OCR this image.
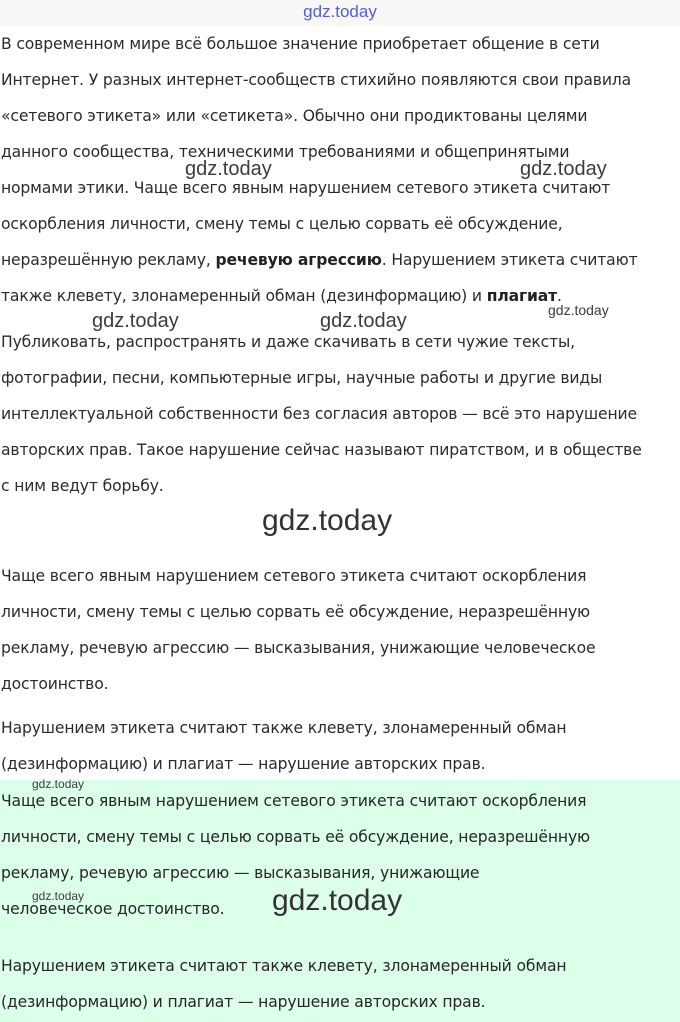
gdz.today

В современном мире всё большое значение приобретает общение в сети
Интернет. У разных интернет-сообществ стихийно появляются свои правила
«сетевого этикета» или «сетикета». Обычно они продиктованы целями
данного сообщества, техническими требованиями и общепринятыми
нормами этики. Чаще всего явным нарушением сетевого этикета считают
оскорбления личности, смену темы с целью сорвать её обсуждение,
неразрешённую рекламу, речевую агрессию. Нарушением этикета считают
также клевету, злонамеренный обман (дезинформацию) и плагиат.

Публиковать, распространять и даже скачивать в сети чужие тексты,
фотографии, песни, компьютерные игры, научные работы и другие виды
интеллектуальной собственности без согласия авторов — всё это нарушение
авторских прав. Такое нарушение сейчас называют пиратством, и в обществе
с ним ведут борьбу.

Чаще всего явным нарушением сетевого этикета считают оскорбления
личности, смену темы с целью сорвать её обсуждение, неразрешённую
рекламу, речевую агрессию — высказывания, унижающие человеческое
достоинство.

Нарушением этикета считают также клевету, злонамеренный обман
(дезинформацию) и плагиат — нарушение авторских прав.

Чаще всего явным нарушением сетевого этикета считают оскорбления
личности, смену темы с целью сорвать её обсуждение, неразрешённую
рекламу, речевую агрессию — высказывания, унижающие
человеческое достоинство.

Нарушением этикета считают также клевету, злонамеренный обман
(дезинформацию) и плагиат — нарушение авторских прав.

gdz.today	gdz.today
gdz.today	gdz.today	gdz.today
gdz.today
gdz.today
gdz.today	gdz.today
